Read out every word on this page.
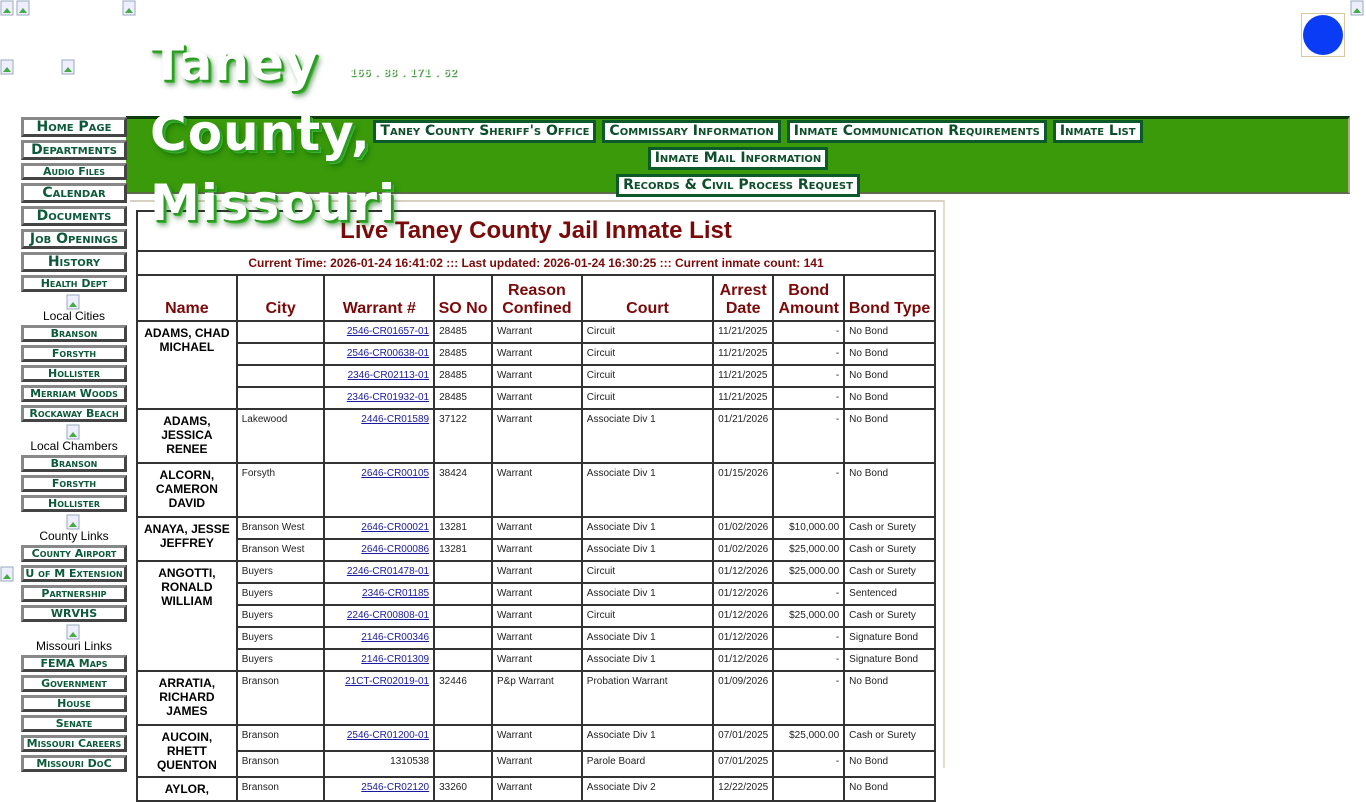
Taney County,
Missouri
166 . 88 . 171 . 62
Taney County Sheriff's Office	Commissary Information	Inmate Communication Requirements	Inmate List
Inmate Mail Information
Records & Civil Process Request
Home Page
Departments
Audio Files
Calendar
Documents
Job Openings
History
Health Dept
Local Cities
Branson
Forsyth
Hollister
Merriam Woods
Rockaway Beach
Local Chambers
Branson
Forsyth
Hollister
County Links
County Airport
U of M Extension
Partnership
WRVHS
Missouri Links
FEMA Maps
Government
House
Senate
Missouri Careers
Missouri DoC
Live Taney County Jail Inmate List								
Current Time: 2026-01-24 16:41:02 ::: Last updated: 2026-01-24 16:30:25 ::: Current inmate count: 141								
Name	City	Warrant #	SO No	Reason Confined	Court	Arrest Date	Bond Amount	Bond Type
ADAMS, CHAD MICHAEL		2546-CR01657-01	28485	Warrant	Circuit	11/21/2025	-	No Bond
		2546-CR00638-01	28485	Warrant	Circuit	11/21/2025	-	No Bond
		2346-CR02113-01	28485	Warrant	Circuit	11/21/2025	-	No Bond
		2346-CR01932-01	28485	Warrant	Circuit	11/21/2025	-	No Bond
ADAMS, JESSICA RENEE	Lakewood	2446-CR01589	37122	Warrant	Associate Div 1	01/21/2026	-	No Bond
ALCORN, CAMERON DAVID	Forsyth	2646-CR00105	38424	Warrant	Associate Div 1	01/15/2026	-	No Bond
ANAYA, JESSE JEFFREY	Branson West	2646-CR00021	13281	Warrant	Associate Div 1	01/02/2026	$10,000.00	Cash or Surety
	Branson West	2646-CR00086	13281	Warrant	Associate Div 1	01/02/2026	$25,000.00	Cash or Surety
ANGOTTI, RONALD WILLIAM	Buyers	2246-CR01478-01		Warrant	Circuit	01/12/2026	$25,000.00	Cash or Surety
	Buyers	2346-CR01185		Warrant	Associate Div 1	01/12/2026	-	Sentenced
	Buyers	2246-CR00808-01		Warrant	Circuit	01/12/2026	$25,000.00	Cash or Surety
	Buyers	2146-CR00346		Warrant	Associate Div 1	01/12/2026	-	Signature Bond
	Buyers	2146-CR01309		Warrant	Associate Div 1	01/12/2026	-	Signature Bond
ARRATIA, RICHARD JAMES	Branson	21CT-CR02019-01	32446	P&p Warrant	Probation Warrant	01/09/2026	-	No Bond
AUCOIN, RHETT QUENTON	Branson	2546-CR01200-01		Warrant	Associate Div 1	07/01/2025	$25,000.00	Cash or Surety
	Branson	1310538		Warrant	Parole Board	07/01/2025	-	No Bond
AYLOR,	Branson	2546-CR02120	33260	Warrant	Associate Div 2	12/22/2025		No Bond
